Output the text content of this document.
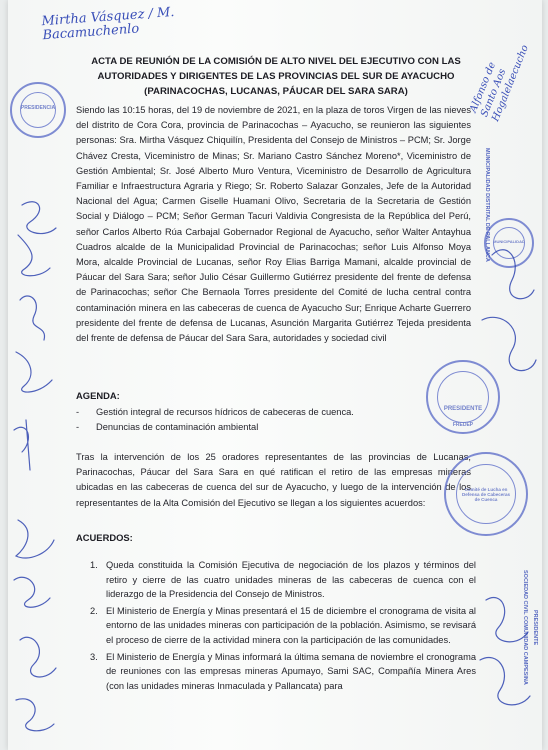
Mirtha Vásquez / M. Bacamuchenlo
Alfonso de Santo Aos Hogalelaecucho
ACTA DE REUNIÓN DE LA COMISIÓN DE ALTO NIVEL DEL EJECUTIVO CON LAS
AUTORIDADES Y DIRIGENTES DE LAS PROVINCIAS DEL SUR DE AYACUCHO
(PARINACOCHAS, LUCANAS, PÁUCAR DEL SARA SARA)
Siendo las 10:15 horas, del 19 de noviembre de 2021, en la plaza de toros Virgen de las nieves del distrito de Cora Cora, provincia de Parinacochas – Ayacucho, se reunieron las siguientes personas: Sra. Mirtha Vásquez Chiquilín, Presidenta del Consejo de Ministros – PCM; Sr. Jorge Chávez Cresta, Viceministro de Minas; Sr. Mariano Castro Sánchez Moreno*, Viceministro de Gestión Ambiental; Sr. José Alberto Muro Ventura, Viceministro de Desarrollo de Agricultura Familiar e Infraestructura Agraria y Riego; Sr. Roberto Salazar Gonzales, Jefe de la Autoridad Nacional del Agua; Carmen Giselle Huamani Olivo, Secretaria de la Secretaria de Gestión Social y Diálogo – PCM; Señor German Tacuri Valdivia Congresista de la República del Perú, señor Carlos Alberto Rúa Carbajal Gobernador Regional de Ayacucho, señor Walter Antayhua Cuadros alcalde de la Municipalidad Provincial de Parinacochas; señor Luis Alfonso Moya Mora, alcalde Provincial de Lucanas, señor Roy Elias Barriga Mamani, alcalde provincial de Páucar del Sara Sara; señor Julio César Guillermo Gutiérrez presidente del frente de defensa de Parinacochas; señor Che Bernaola Torres presidente del Comité de lucha central contra contaminación minera en las cabeceras de cuenca de Ayacucho Sur; Enrique Acharte Guerrero presidente del frente de defensa de Lucanas, Asunción Margarita Gutiérrez Tejeda presidenta del frente de defensa de Páucar del Sara Sara, autoridades y sociedad civil
AGENDA:
- Gestión integral de recursos hídricos de cabeceras de cuenca.
- Denuncias de contaminación ambiental
Tras la intervención de los 25 oradores representantes de las provincias de Lucanas, Parinacochas, Páucar del Sara Sara en qué ratifican el retiro de las empresas mineras ubicadas en las cabeceras de cuenca del sur de Ayacucho, y luego de la intervención de los representantes de la Alta Comisión del Ejecutivo se llegan a los siguientes acuerdos:
ACUERDOS:
1. Queda constituida la Comisión Ejecutiva de negociación de los plazos y términos del retiro y cierre de las cuatro unidades mineras de las cabeceras de cuenca con el liderazgo de la Presidencia del Consejo de Ministros.
2. El Ministerio de Energía y Minas presentará el 15 de diciembre el cronograma de visita al entorno de las unidades mineras con participación de la población. Asimismo, se revisará el proceso de cierre de la actividad minera con la participación de las comunidades.
3. El Ministerio de Energía y Minas informará la última semana de noviembre el cronograma de reuniones con las empresas mineras Apumayo, Sami SAC, Compañía Minera Ares (con las unidades mineras Inmaculada y Pallancata) para
PRESIDENCIA
PRESIDENTE
FREDEP
Comité de Lucha en Defensa de Cabeceras de Cuenca
MUNICIPALIDAD
MUNICIPALIDAD DISTRITAL DE PALLANCA
SOCIEDAD CIVIL COMUNIDAD CAMPESINA PRESIDENTE
